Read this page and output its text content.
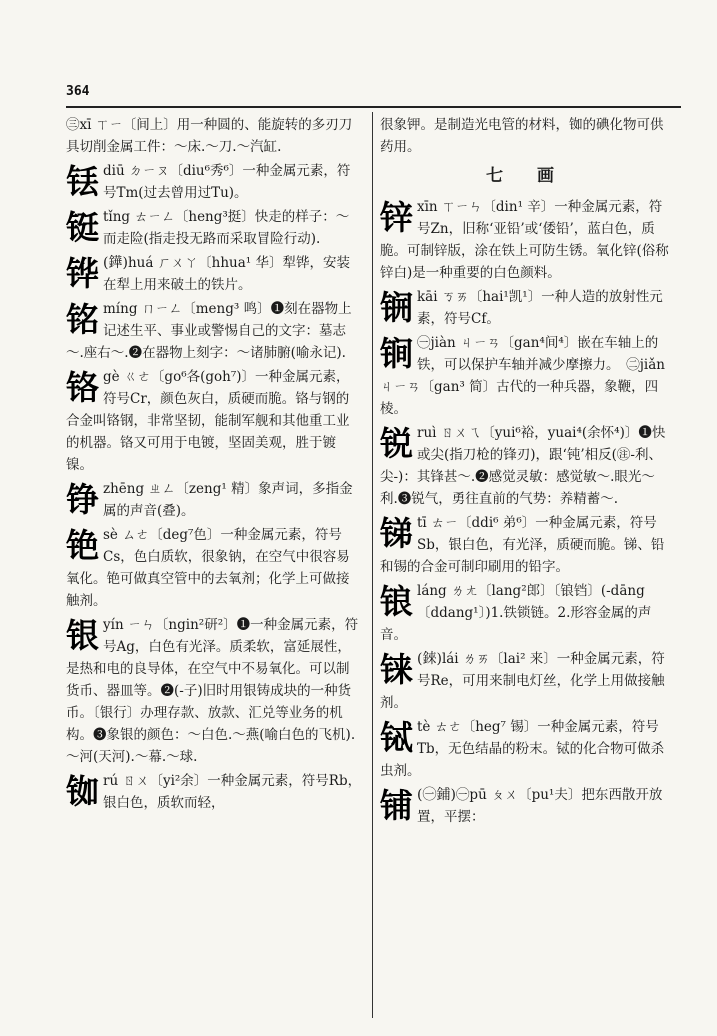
364
㊂xī ㄒㄧ〔间上〕用一种圆的、能旋转的多刃刀具切削金属工件：～床.～刀.～汽缸.
铥diū ㄉㄧㄡ〔diu⁶秀⁶〕一种金属元素，符号Tm(过去曾用过Tu)。
铤tǐng ㄊㄧㄥ〔heng³挺〕快走的样子：～而走险(指走投无路而采取冒险行动).
铧 (鏵)huá ㄏㄨㄚ〔hhua¹ 华〕犁铧，安装在犁上用来破土的铁片。
铭míng ㄇㄧㄥ〔meng³ 鸣〕❶刻在器物上记述生平、事业或警惕自己的文字：墓志～.座右～.❷在器物上刻字：～诸肺腑(喻永记).
铬gè ㄍㄜ〔go⁶各(goh⁷)〕一种金属元素，符号Cr，颜色灰白，质硬而脆。铬与钢的合金叫铬钢，非常坚韧，能制军舰和其他重工业的机器。铬又可用于电镀，坚固美观，胜于镀镍。
铮zhēng ㄓㄥ〔zeng¹ 精〕象声词，多指金属的声音(叠)。
铯sè ㄙㄜ〔deg⁷色〕一种金属元素，符号Cs，色白质软，很象钠，在空气中很容易氧化。铯可做真空管中的去氧剂；化学上可做接触剂。
银yín ㄧㄣ〔ngin²研²〕❶一种金属元素，符号Ag，白色有光泽。质柔软，富延展性，是热和电的良导体，在空气中不易氧化。可以制货币、器皿等。❷(-子)旧时用银铸成块的一种货币。〔银行〕办理存款、放款、汇兑等业务的机构。❸象银的颜色：～白色.～燕(喻白色的飞机).～河(天河).～幕.～球.
铷rú ㄖㄨ〔yi²余〕一种金属元素，符号Rb，银白色，质软而轻，
很象钾。是制造光电管的材料，铷的碘化物可供药用。
七 画
锌xīn ㄒㄧㄣ〔din¹ 辛〕一种金属元素，符号Zn，旧称‘亚铅’或‘倭铅’，蓝白色，质脆。可制锌版，涂在铁上可防生锈。氧化锌(俗称锌白)是一种重要的白色颜料。
锎kāi ㄎㄞ〔hai¹凯¹〕一种人造的放射性元素，符号Cf。
锏 ㊀jiàn ㄐㄧㄢ〔gan⁴间⁴〕嵌在车轴上的铁，可以保护车轴并减少摩擦力。　㊁jiǎn ㄐㄧㄢ〔gan³ 简〕古代的一种兵器，象鞭，四棱。
锐ruì ㄖㄨㄟ〔yui⁶裕，yuai⁴(余怀⁴)〕❶快或尖(指刀枪的锋刃)，跟‘钝’相反(㊟-利、尖-)：其锋甚～.❷感觉灵敏：感觉敏～.眼光～利.❸锐气，勇往直前的气势：养精蓄～.
锑tī ㄊㄧ〔ddi⁶ 弟⁶〕一种金属元素，符号Sb，银白色，有光泽，质硬而脆。锑、铅和锡的合金可制印刷用的铅字。
锒láng ㄌㄤ〔lang²郎〕〔锒铛〕(-dāng〔ddang¹〕)1.铁锁链。2.形容金属的声音。
铼 (錸)lái ㄌㄞ〔lai² 来〕一种金属元素，符号Re，可用来制电灯丝，化学上用做接触剂。
铽tè ㄊㄜ〔heg⁷ 锡〕一种金属元素，符号Tb，无色结晶的粉末。铽的化合物可做杀虫剂。
铺 (㊀鋪)㊀pū ㄆㄨ〔pu¹夫〕把东西散开放置，平摆：
